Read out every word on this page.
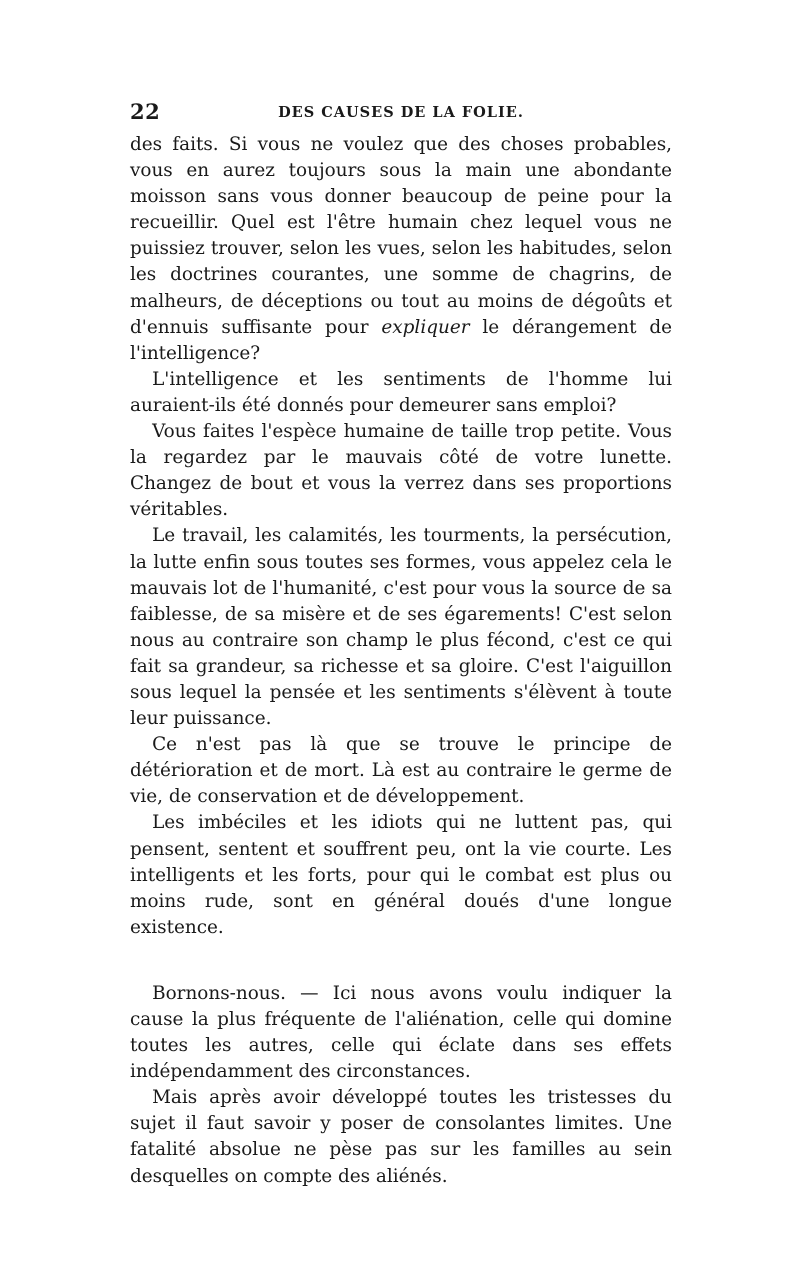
22	DES CAUSES DE LA FOLIE.

des faits. Si vous ne voulez que des choses probables, vous en aurez toujours sous la main une abondante moisson sans vous donner beaucoup de peine pour la recueillir. Quel est l'être humain chez lequel vous ne puissiez trouver, selon les vues, selon les habitudes, selon les doctrines courantes, une somme de chagrins, de malheurs, de déceptions ou tout au moins de dégoûts et d'ennuis suffisante pour expliquer le dérangement de l'intelligence?

L'intelligence et les sentiments de l'homme lui auraient-ils été donnés pour demeurer sans emploi?

Vous faites l'espèce humaine de taille trop petite. Vous la regardez par le mauvais côté de votre lunette. Changez de bout et vous la verrez dans ses proportions véritables.

Le travail, les calamités, les tourments, la persécution, la lutte enfin sous toutes ses formes, vous appelez cela le mauvais lot de l'humanité, c'est pour vous la source de sa faiblesse, de sa misère et de ses égarements! C'est selon nous au contraire son champ le plus fécond, c'est ce qui fait sa grandeur, sa richesse et sa gloire. C'est l'aiguillon sous lequel la pensée et les sentiments s'élèvent à toute leur puissance.

Ce n'est pas là que se trouve le principe de détérioration et de mort. Là est au contraire le germe de vie, de conservation et de développement.

Les imbéciles et les idiots qui ne luttent pas, qui pensent, sentent et souffrent peu, ont la vie courte. Les intelligents et les forts, pour qui le combat est plus ou moins rude, sont en général doués d'une longue existence.

Bornons-nous. — Ici nous avons voulu indiquer la cause la plus fréquente de l'aliénation, celle qui domine toutes les autres, celle qui éclate dans ses effets indépendamment des circonstances.

Mais après avoir développé toutes les tristesses du sujet il faut savoir y poser de consolantes limites. Une fatalité absolue ne pèse pas sur les familles au sein desquelles on compte des aliénés.
